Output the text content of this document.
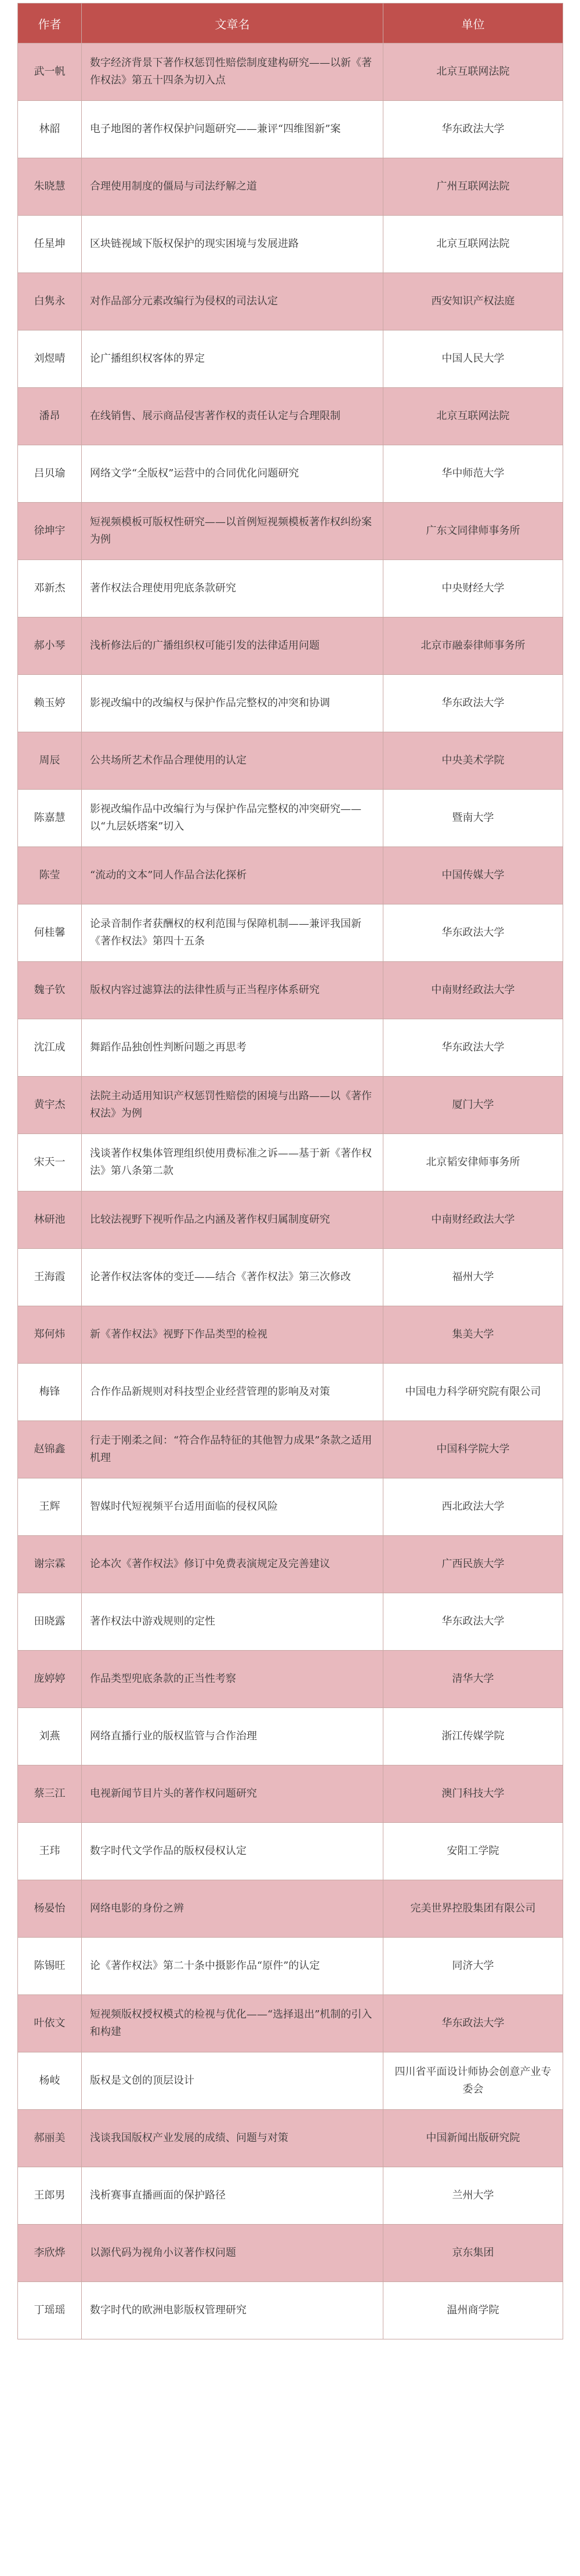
作者	文章名	单位
武一帆	数字经济背景下著作权惩罚性赔偿制度建构研究——以新《著作权法》第五十四条为切入点	北京互联网法院
林韶	电子地图的著作权保护问题研究——兼评“四维图新”案	华东政法大学
朱晓慧	合理使用制度的僵局与司法纾解之道	广州互联网法院
任星坤	区块链视域下版权保护的现实困境与发展进路	北京互联网法院
白隽永	对作品部分元素改编行为侵权的司法认定	西安知识产权法庭
刘煜晴	论广播组织权客体的界定	中国人民大学
潘昂	在线销售、展示商品侵害著作权的责任认定与合理限制	北京互联网法院
吕贝瑜	网络文学“全版权”运营中的合同优化问题研究	华中师范大学
徐坤宇	短视频模板可版权性研究——以首例短视频模板著作权纠纷案为例	广东文同律师事务所
邓新杰	著作权法合理使用兜底条款研究	中央财经大学
郝小琴	浅析修法后的广播组织权可能引发的法律适用问题	北京市融泰律师事务所
赖玉婷	影视改编中的改编权与保护作品完整权的冲突和协调	华东政法大学
周辰	公共场所艺术作品合理使用的认定	中央美术学院
陈嘉慧	影视改编作品中改编行为与保护作品完整权的冲突研究——以“九层妖塔案”切入	暨南大学
陈莹	“流动的文本”同人作品合法化探析	中国传媒大学
何桂馨	论录音制作者获酬权的权利范围与保障机制——兼评我国新《著作权法》第四十五条	华东政法大学
魏子钦	版权内容过滤算法的法律性质与正当程序体系研究	中南财经政法大学
沈江成	舞蹈作品独创性判断问题之再思考	华东政法大学
黄宇杰	法院主动适用知识产权惩罚性赔偿的困境与出路——以《著作权法》为例	厦门大学
宋天一	浅谈著作权集体管理组织使用费标准之诉——基于新《著作权法》第八条第二款	北京韬安律师事务所
林研池	比较法视野下视听作品之内涵及著作权归属制度研究	中南财经政法大学
王海霞	论著作权法客体的变迁——结合《著作权法》第三次修改	福州大学
郑何炜	新《著作权法》视野下作品类型的检视	集美大学
梅锋	合作作品新规则对科技型企业经营管理的影响及对策	中国电力科学研究院有限公司
赵锦鑫	行走于刚柔之间：“符合作品特征的其他智力成果”条款之适用机理	中国科学院大学
王辉	智媒时代短视频平台适用面临的侵权风险	西北政法大学
谢宗霖	论本次《著作权法》修订中免费表演规定及完善建议	广西民族大学
田晓露	著作权法中游戏规则的定性	华东政法大学
庞婷婷	作品类型兜底条款的正当性考察	清华大学
刘燕	网络直播行业的版权监管与合作治理	浙江传媒学院
蔡三江	电视新闻节目片头的著作权问题研究	澳门科技大学
王玮	数字时代文学作品的版权侵权认定	安阳工学院
杨晏怡	网络电影的身份之辨	完美世界控股集团有限公司
陈锡旺	论《著作权法》第二十条中摄影作品“原件”的认定	同济大学
叶依文	短视频版权授权模式的检视与优化——“选择退出”机制的引入和构建	华东政法大学
杨岐	版权是文创的顶层设计	四川省平面设计师协会创意产业专委会
郝丽美	浅谈我国版权产业发展的成绩、问题与对策	中国新闻出版研究院
王郎男	浅析赛事直播画面的保护路径	兰州大学
李欣烨	以源代码为视角小议著作权问题	京东集团
丁瑶瑶	数字时代的欧洲电影版权管理研究	温州商学院
